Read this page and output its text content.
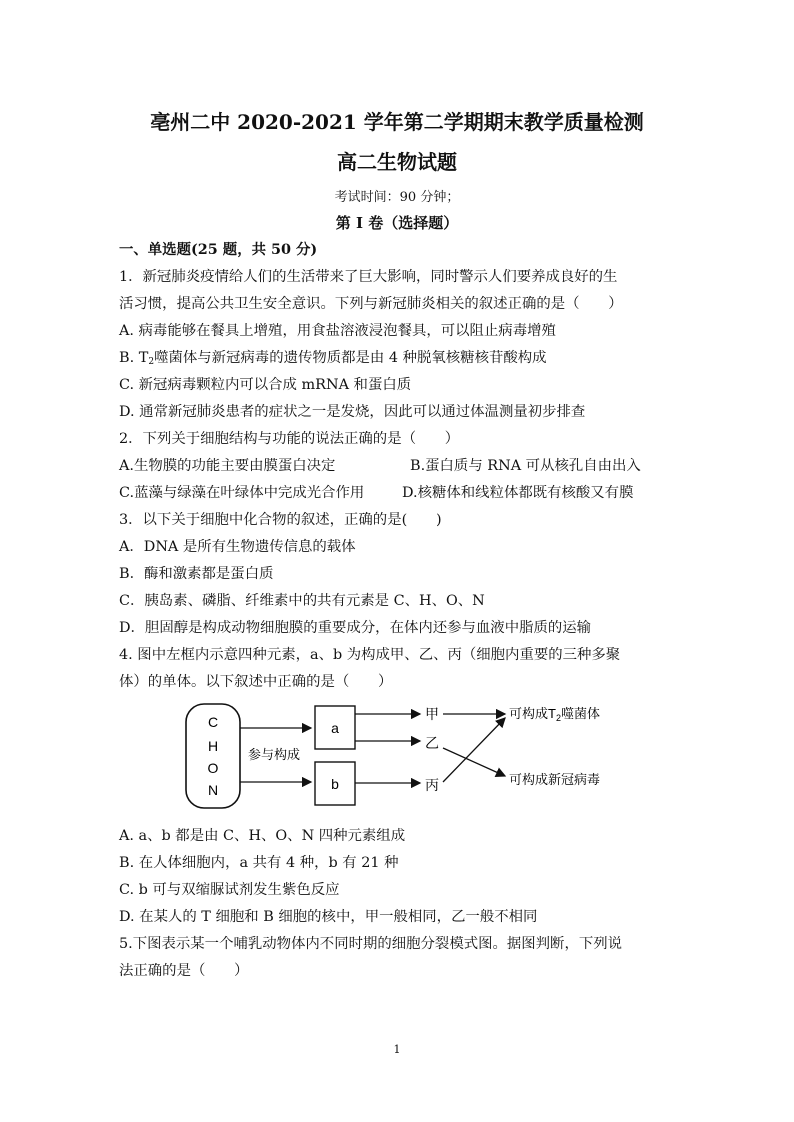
亳州二中 2020-2021 学年第二学期期末教学质量检测
高二生物试题
考试时间：90 分钟；
第 I 卷（选择题）
一、单选题(25 题，共 50 分)
1．新冠肺炎疫情给人们的生活带来了巨大影响，同时警示人们要养成良好的生
活习惯，提高公共卫生安全意识。下列与新冠肺炎相关的叙述正确的是（　　）
A. 病毒能够在餐具上增殖，用食盐溶液浸泡餐具，可以阻止病毒增殖
B. $T_2$噬菌体与新冠病毒的遗传物质都是由 4 种脱氧核糖核苷酸构成
C. 新冠病毒颗粒内可以合成 mRNA 和蛋白质
D. 通常新冠肺炎患者的症状之一是发烧，因此可以通过体温测量初步排查
2．下列关于细胞结构与功能的说法正确的是（　　）
A.生物膜的功能主要由膜蛋白决定	B.蛋白质与 RNA 可从核孔自由出入
C.蓝藻与绿藻在叶绿体中完成光合作用	D.核糖体和线粒体都既有核酸又有膜
3．以下关于细胞中化合物的叙述，正确的是(　　)
A．DNA 是所有生物遗传信息的载体
B．酶和激素都是蛋白质
C．胰岛素、磷脂、纤维素中的共有元素是 C、H、O、N
D．胆固醇是构成动物细胞膜的重要成分，在体内还参与血液中脂质的运输
4. 图中左框内示意四种元素，a、b 为构成甲、乙、丙（细胞内重要的三种多聚
体）的单体。以下叙述中正确的是（　　）
C
H
O
N
参与构成
a
b
甲
乙
丙
可构成$T_2$噬菌体
可构成新冠病毒
A. a、b 都是由 C、H、O、N 四种元素组成
B. 在人体细胞内，a 共有 4 种，b 有 21 种
C. b 可与双缩脲试剂发生紫色反应
D. 在某人的 T 细胞和 B 细胞的核中，甲一般相同，乙一般不相同
5.下图表示某一个哺乳动物体内不同时期的细胞分裂模式图。据图判断，下列说
法正确的是（　　）
1
